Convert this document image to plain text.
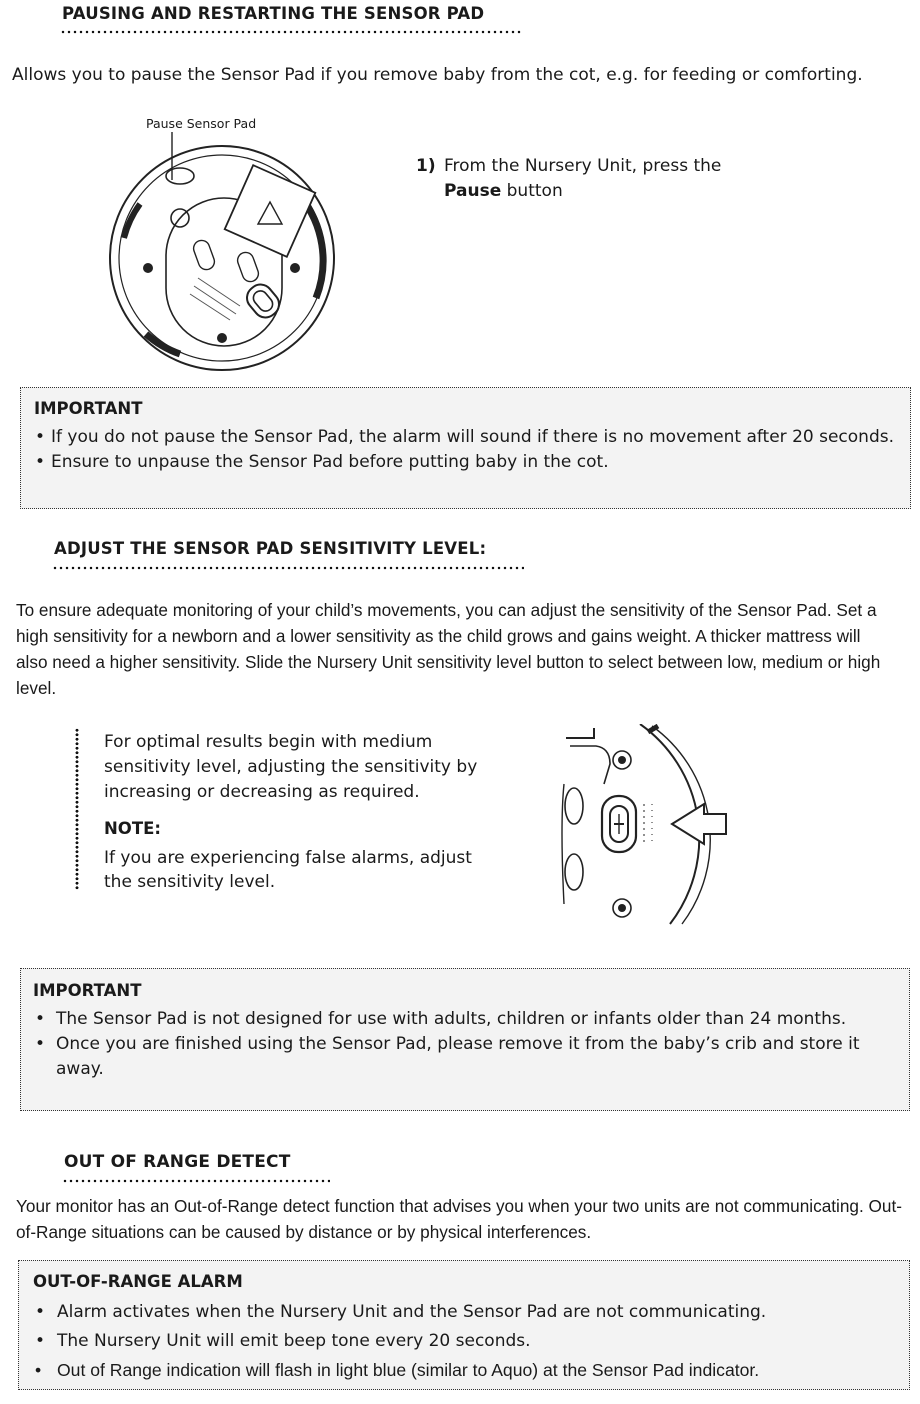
PAUSING AND RESTARTING THE SENSOR PAD
Allows you to pause the Sensor Pad if you remove baby from the cot, e.g. for feeding or comforting.
Pause Sensor Pad
1) From the Nursery Unit, press the
Pause button
IMPORTANT
• If you do not pause the Sensor Pad, the alarm will sound if there is no movement after 20 seconds.
• Ensure to unpause the Sensor Pad before putting baby in the cot.
ADJUST THE SENSOR PAD SENSITIVITY LEVEL:
To ensure adequate monitoring of your child’s movements, you can adjust the sensitivity of the Sensor Pad. Set a high sensitivity for a newborn and a lower sensitivity as the child grows and gains weight. A thicker mattress will also need a higher sensitivity. Slide the Nursery Unit sensitivity level button to select between low, medium or high level.
For optimal results begin with medium sensitivity level, adjusting the sensitivity by increasing or decreasing as required.
NOTE:
If you are experiencing false alarms, adjust the sensitivity level.
IMPORTANT
• The Sensor Pad is not designed for use with adults, children or infants older than 24 months.
• Once you are finished using the Sensor Pad, please remove it from the baby’s crib and store it away.
OUT OF RANGE DETECT
Your monitor has an Out-of-Range detect function that advises you when your two units are not communicating. Out-of-Range situations can be caused by distance or by physical interferences.
OUT-OF-RANGE ALARM
• Alarm activates when the Nursery Unit and the Sensor Pad are not communicating.
• The Nursery Unit will emit beep tone every 20 seconds.
• Out of Range indication will flash in light blue (similar to Aquo) at the Sensor Pad indicator.
